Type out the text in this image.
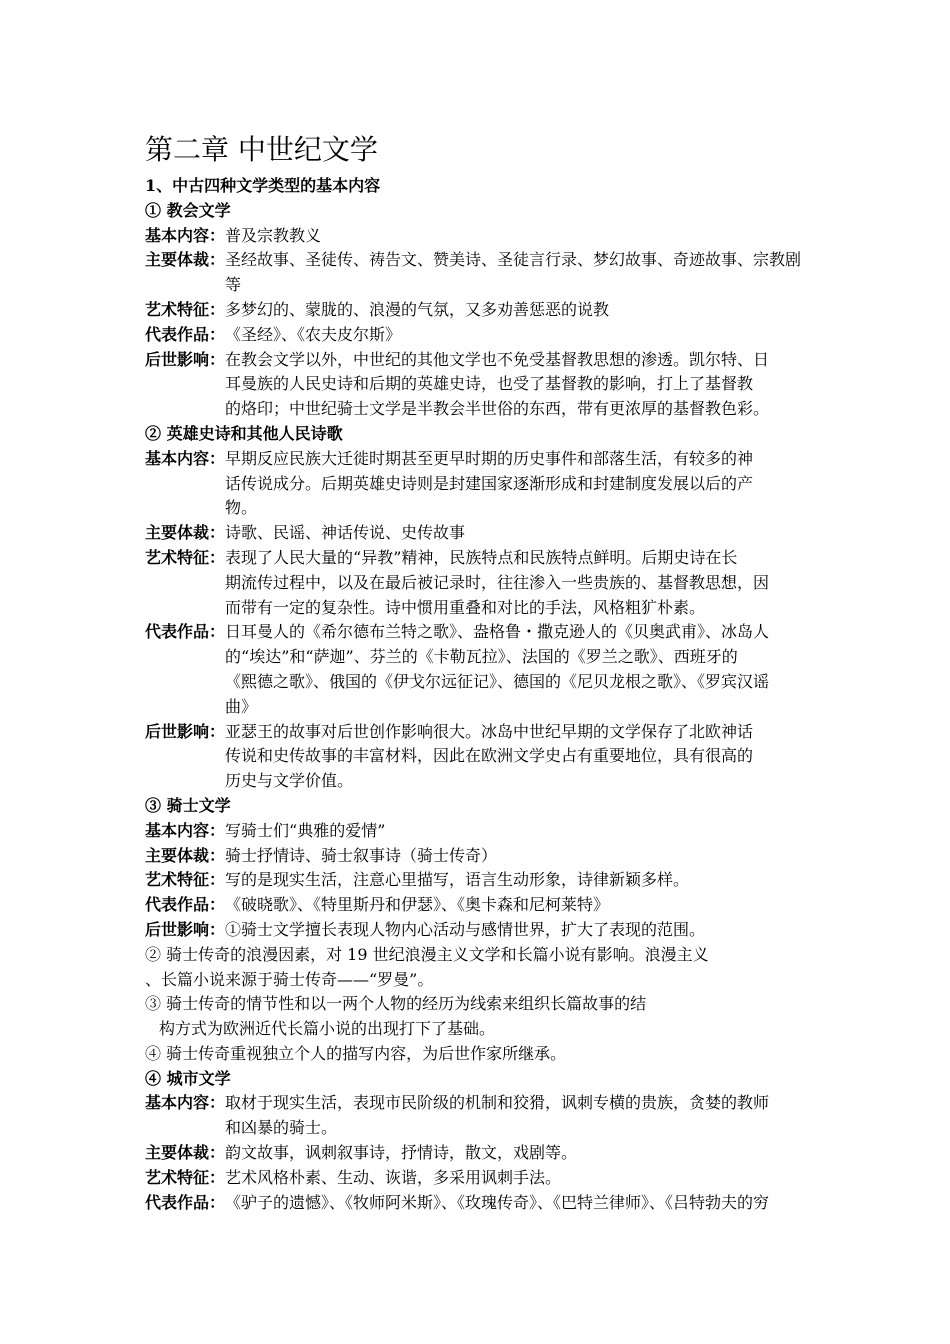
第二章 中世纪文学
1、中古四种文学类型的基本内容
① 教会文学
基本内容： 普及宗教教义
主要体裁： 圣经故事、圣徒传、祷告文、赞美诗、圣徒言行录、梦幻故事、奇迹故事、宗教剧
等
艺术特征： 多梦幻的、蒙胧的、浪漫的气氛，又多劝善惩恶的说教
代表作品： 《圣经》、《农夫皮尔斯》
后世影响： 在教会文学以外，中世纪的其他文学也不免受基督教思想的渗透。凯尔特、日
耳曼族的人民史诗和后期的英雄史诗，也受了基督教的影响，打上了基督教
的烙印；中世纪骑士文学是半教会半世俗的东西，带有更浓厚的基督教色彩。
② 英雄史诗和其他人民诗歌
基本内容： 早期反应民族大迁徙时期甚至更早时期的历史事件和部落生活，有较多的神
话传说成分。后期英雄史诗则是封建国家逐渐形成和封建制度发展以后的产
物。
主要体裁： 诗歌、民谣、神话传说、史传故事
艺术特征： 表现了人民大量的“异教”精神，民族特点和民族特点鲜明。后期史诗在长
期流传过程中，以及在最后被记录时，往往渗入一些贵族的、基督教思想，因
而带有一定的复杂性。诗中惯用重叠和对比的手法，风格粗犷朴素。
代表作品： 日耳曼人的《希尔德布兰特之歌》、盎格鲁・撒克逊人的《贝奥武甫》、冰岛人
的“埃达”和“萨迦”、芬兰的《卡勒瓦拉》、法国的《罗兰之歌》、西班牙的
《熙德之歌》、俄国的《伊戈尔远征记》、德国的《尼贝龙根之歌》、《罗宾汉谣
曲》
后世影响： 亚瑟王的故事对后世创作影响很大。冰岛中世纪早期的文学保存了北欧神话
传说和史传故事的丰富材料，因此在欧洲文学史占有重要地位，具有很高的
历史与文学价值。
③ 骑士文学
基本内容： 写骑士们“典雅的爱情”
主要体裁： 骑士抒情诗、骑士叙事诗（骑士传奇）
艺术特征： 写的是现实生活，注意心里描写，语言生动形象，诗律新颖多样。
代表作品： 《破晓歌》、《特里斯丹和伊瑟》、《奥卡森和尼柯莱特》
后世影响： ①骑士文学擅长表现人物内心活动与感情世界，扩大了表现的范围。
② 骑士传奇的浪漫因素，对 19 世纪浪漫主义文学和长篇小说有影响。浪漫主义
、长篇小说来源于骑士传奇——“罗曼”。
③ 骑士传奇的情节性和以一两个人物的经历为线索来组织长篇故事的结
构方式为欧洲近代长篇小说的出现打下了基础。
④ 骑士传奇重视独立个人的描写内容，为后世作家所继承。
④ 城市文学
基本内容： 取材于现实生活，表现市民阶级的机制和狡猾，讽刺专横的贵族，贪婪的教师
和凶暴的骑士。
主要体裁： 韵文故事，讽刺叙事诗，抒情诗，散文，戏剧等。
艺术特征： 艺术风格朴素、生动、诙谐，多采用讽刺手法。
代表作品： 《驴子的遗憾》、《牧师阿米斯》、《玫瑰传奇》、《巴特兰律师》、《吕特勃夫的穷
